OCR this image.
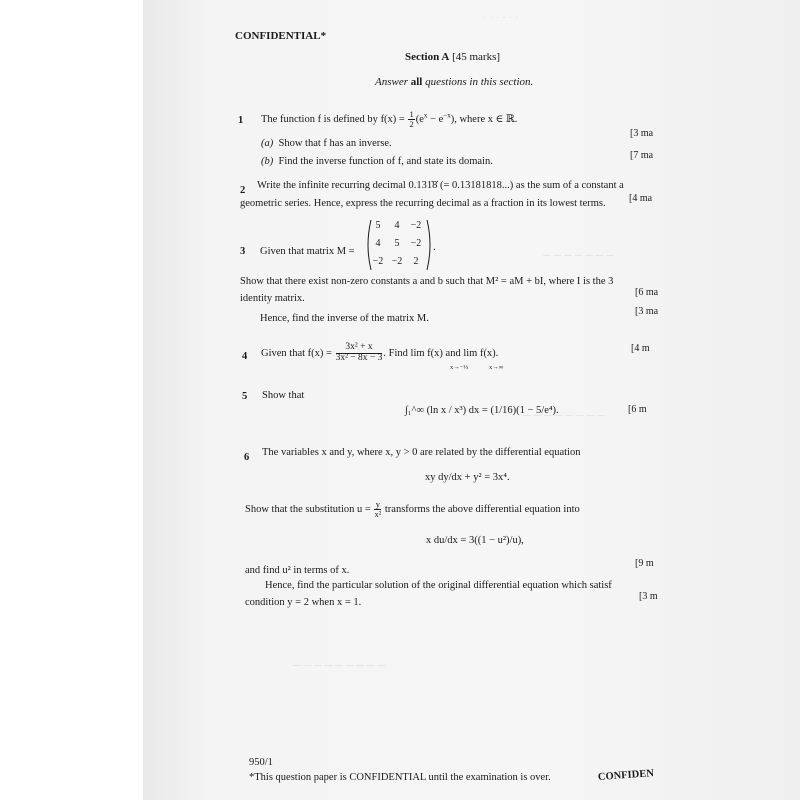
· · · · · ·
─ ─ ─ ─ ─ ─ ─
─ ─ ─ ─ ─ ─ ─ ─
─ ─ ─ ─ ─ ─ ─ ─ ─
CONFIDENTIAL*
Section A [45 marks]
Answer all questions in this section.
1 The function f is defined by $f(x) = \frac{1}{2} (e^x - e^{-x})$, where x ∈ ℝ.
(a) Show that f has an inverse.
[3 ma
(b) Find the inverse function of f, and state its domain.
[7 ma
2 Write the infinite recurring decimal 0.131̇8̇ (= 0.13181818...) as the sum of a constant a
geometric series. Hence, express the recurring decimal as a fraction in its lowest terms. [4 ma
3 Given that matrix M =
5	4	−2
4	5	−2
−2 −2	2
.
Show that there exist non-zero constants a and b such that M² = aM + bI, where I is the 3
identity matrix.
[6 ma
Hence, find the inverse of the matrix M.
[3 ma
4 Given that $f(x) = \frac{\text{3x² + x}}{\text{3x² − 8x − 3}}$ . Find lim f(x) and lim f(x).
x→−⅓	x→∞
[4 m
5 Show that
∫₁^∞ (ln x / x³) dx = (1/16)(1 − 5/e⁴).	[6 m
6 The variables x and y, where x, y > 0 are related by the differential equation
xy dy/dx + y² = 3x⁴.
Show that the substitution $u = \frac{y}{\text{x²}}$ transforms the above differential equation into
x du/dx = 3((1 − u²)/u),
and find u² in terms of x.
[9 m
Hence, find the particular solution of the original differential equation which satisf
condition y = 2 when x = 1.
[3 m
950/1
*This question paper is CONFIDENTIAL until the examination is over.	CONFIDEN
